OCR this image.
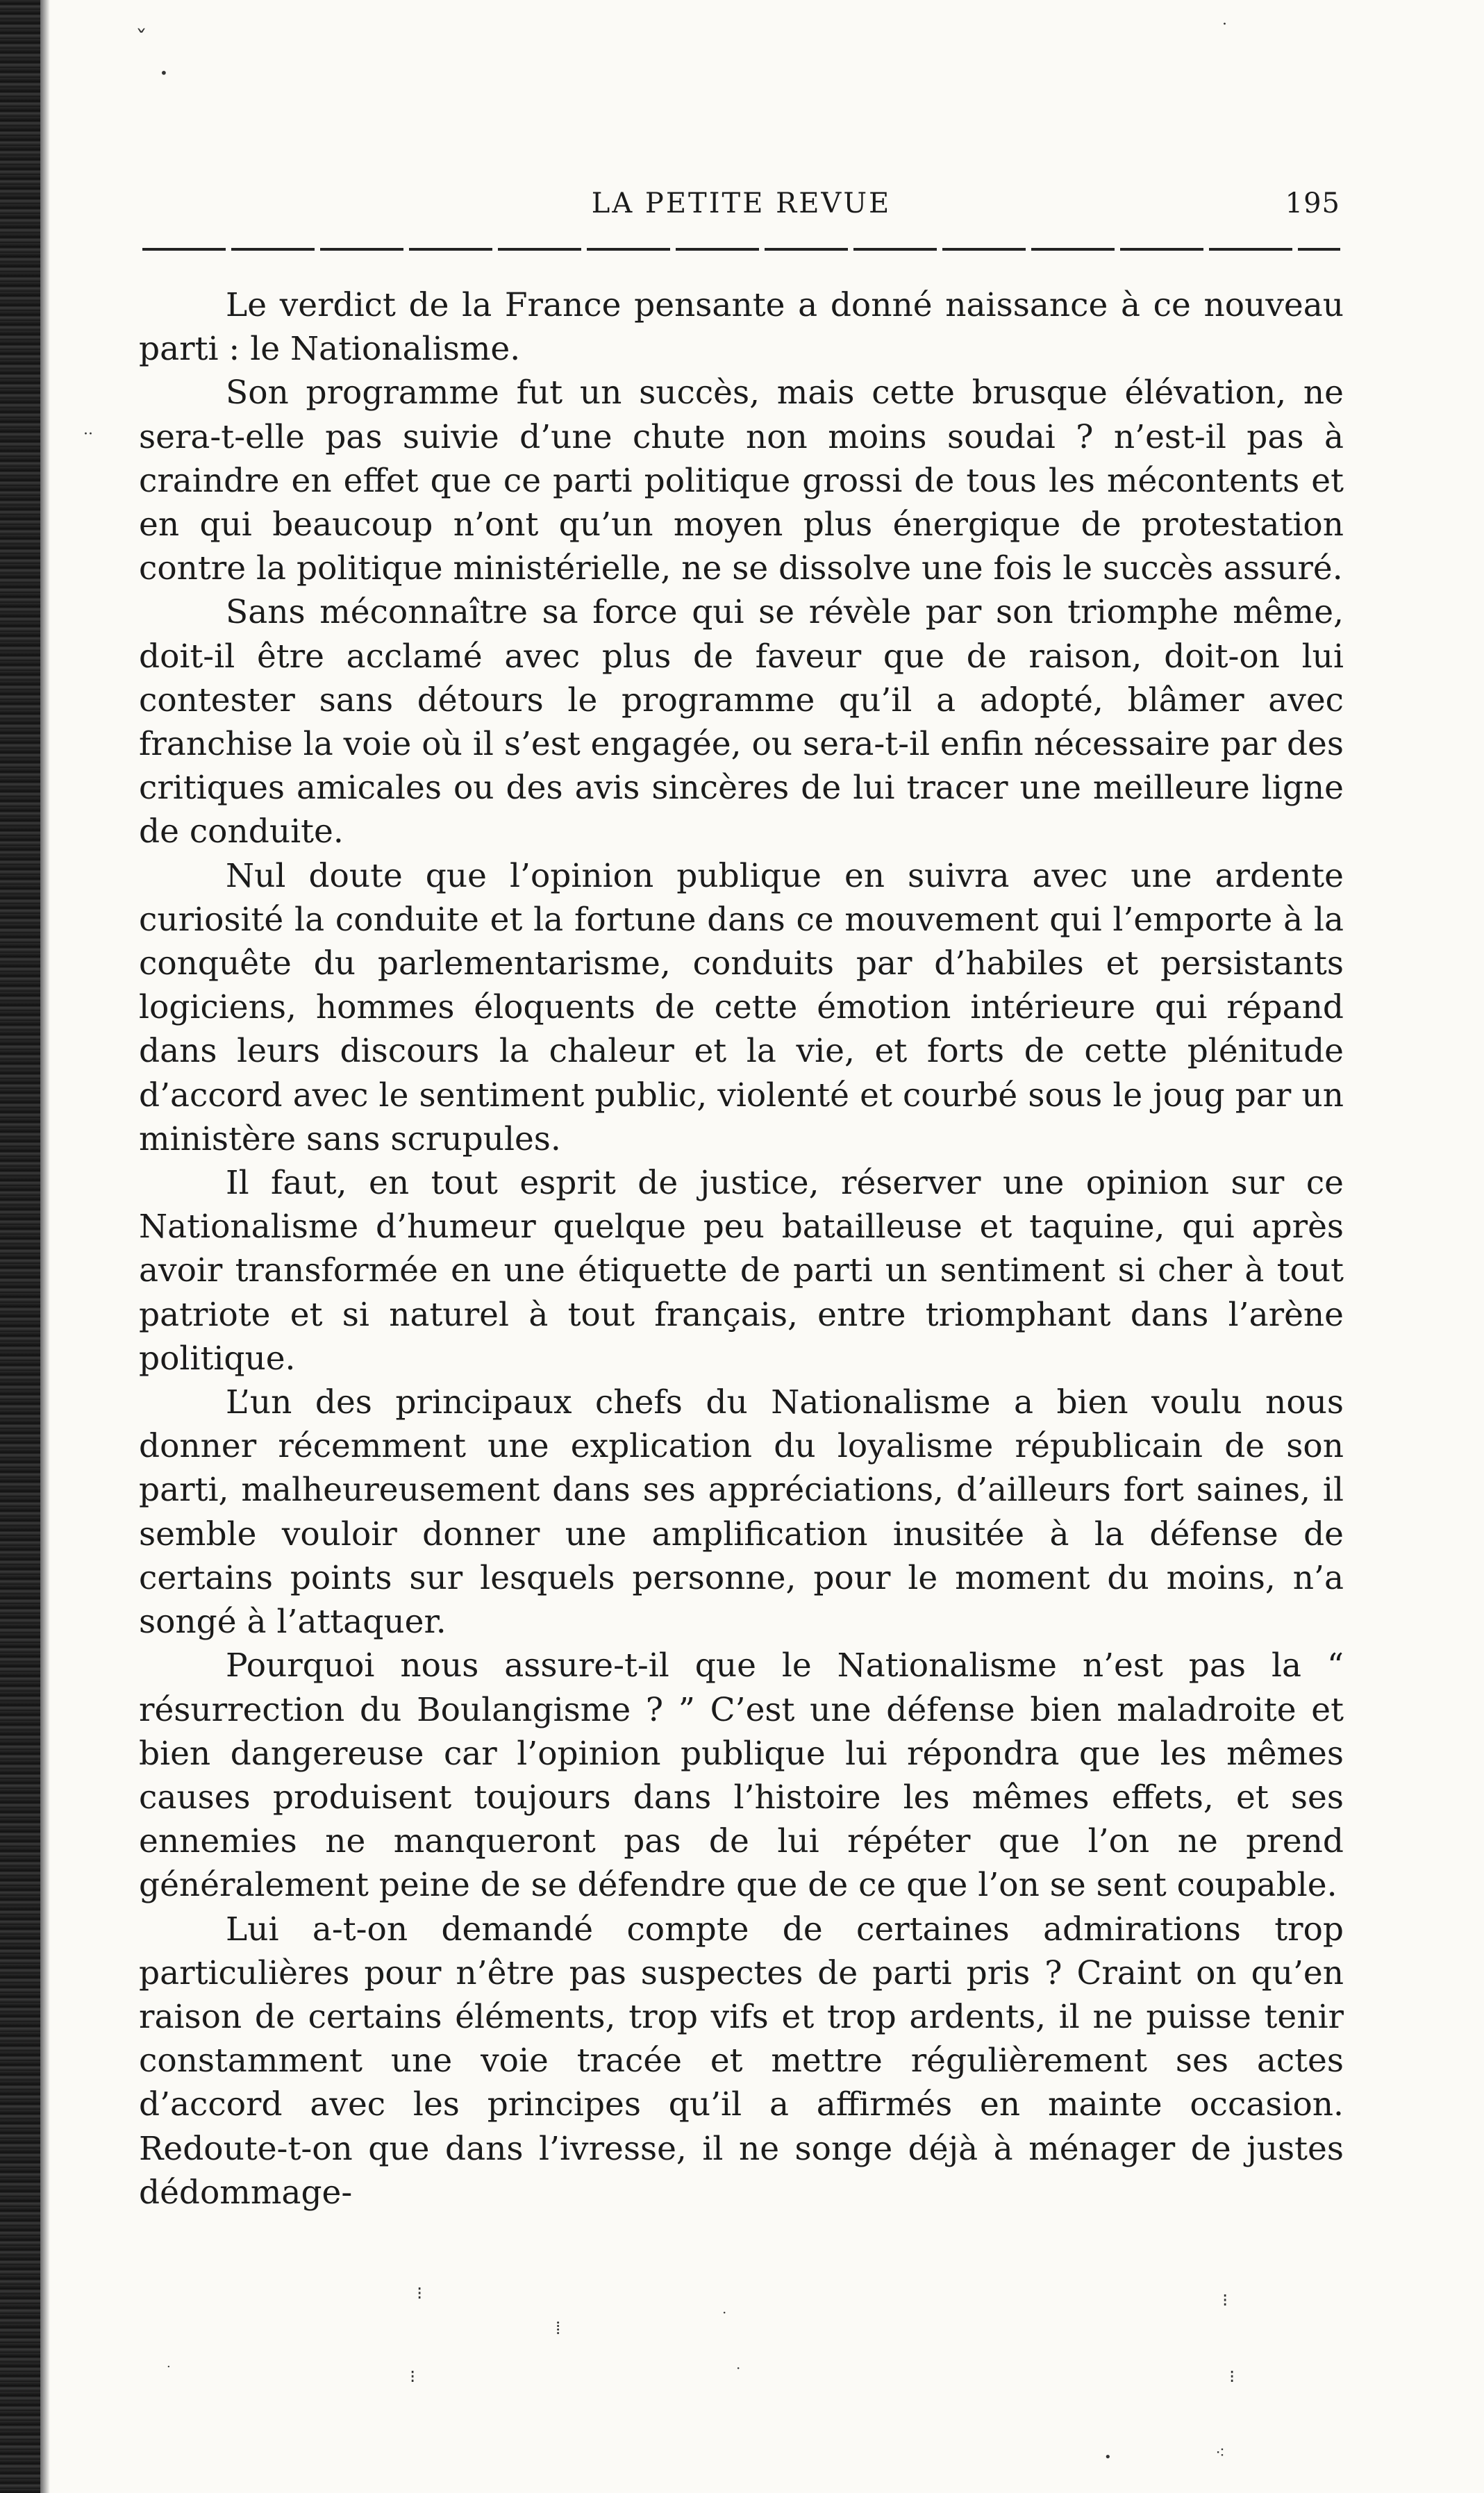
ˇ
•
·
··
LA PETITE REVUE	195

Le verdict de la France pensante a donné naissance à ce nouveau parti : le Nationalisme.

Son programme fut un succès, mais cette brusque élévation, ne sera-t-elle pas suivie d’une chute non moins soudai ? n’est-il pas à craindre en effet que ce parti politique grossi de tous les mécontents et en qui beaucoup n’ont qu’un moyen plus énergique de protestation contre la politique ministérielle, ne se dissolve une fois le succès assuré.

Sans méconnaître sa force qui se révèle par son triomphe même, doit-il être acclamé avec plus de faveur que de raison, doit-on lui contester sans détours le programme qu’il a adopté, blâmer avec franchise la voie où il s’est engagée, ou sera-t-il enfin nécessaire par des critiques amicales ou des avis sincères de lui tracer une meilleure ligne de conduite.

Nul doute que l’opinion publique en suivra avec une ardente curiosité la conduite et la fortune dans ce mouvement qui l’emporte à la conquête du parlementarisme, conduits par d’habiles et persistants logiciens, hommes éloquents de cette émotion intérieure qui répand dans leurs discours la chaleur et la vie, et forts de cette plénitude d’accord avec le sentiment public, violenté et courbé sous le joug par un ministère sans scrupules.

Il faut, en tout esprit de justice, réserver une opinion sur ce Nationalisme d’humeur quelque peu batailleuse et taquine, qui après avoir transformée en une étiquette de parti un sentiment si cher à tout patriote et si naturel à tout français, entre triomphant dans l’arène politique.

L’un des principaux chefs du Nationalisme a bien voulu nous donner récemment une explication du loyalisme républicain de son parti, malheureusement dans ses appréciations, d’ailleurs fort saines, il semble vouloir donner une amplification inusitée à la défense de certains points sur lesquels personne, pour le moment du moins, n’a songé à l’attaquer.

Pourquoi nous assure-t-il que le Nationalisme n’est pas la “ résurrection du Boulangisme ? ” C’est une défense bien maladroite et bien dangereuse car l’opinion publique lui répondra que les mêmes causes produisent toujours dans l’histoire les mêmes effets, et ses ennemies ne manqueront pas de lui répéter que l’on ne prend généralement peine de se défendre que de ce que l’on se sent coupable.

Lui a-t-on demandé compte de certaines admirations trop particulières pour n’être pas suspectes de parti pris ? Craint on qu’en raison de certains éléments, trop vifs et trop ardents, il ne puisse tenir constamment une voie tracée et mettre régulièrement ses actes d’accord avec les principes qu’il a affirmés en mainte occasion. Redoute-t-on que dans l’ivresse, il ne songe déjà à ménager de justes dédommage-

⁝
⁝
⁞
·
·
⁝
⁝
·
•	⁖
